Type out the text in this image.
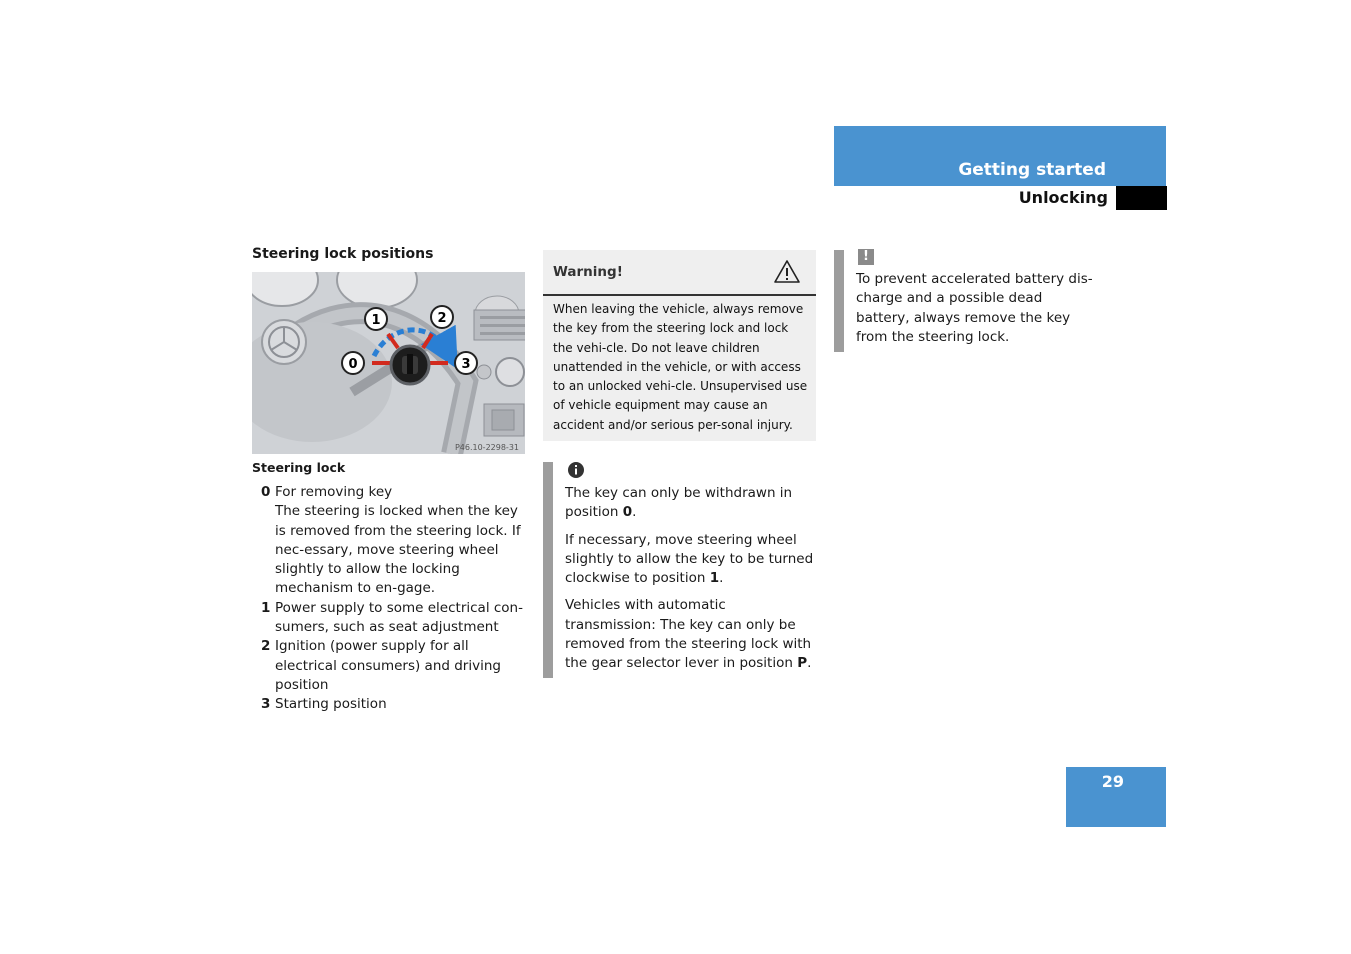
Getting started
Unlocking
Steering lock positions
1	2
0	3
P46.10-2298-31
Steering lock
0 For removing key
The steering is locked when the key is removed from the steering lock. If nec-essary, move steering wheel slightly to allow the locking mechanism to en-gage.
1 Power supply to some electrical con-sumers, such as seat adjustment
2 Ignition (power supply for all electrical consumers) and driving position
3 Starting position
Warning!
When leaving the vehicle, always remove the key from the steering lock and lock the vehi-cle. Do not leave children unattended in the vehicle, or with access to an unlocked vehi-cle. Unsupervised use of vehicle equipment may cause an accident and/or serious per-sonal injury.

The key can only be withdrawn in position 0.

If necessary, move steering wheel slightly to allow the key to be turned clockwise to position 1.

Vehicles with automatic transmission: The key can only be removed from the steering lock with the gear selector lever in position P.

!
To prevent accelerated battery dis-charge and a possible dead battery, always remove the key from the steering lock.
29
